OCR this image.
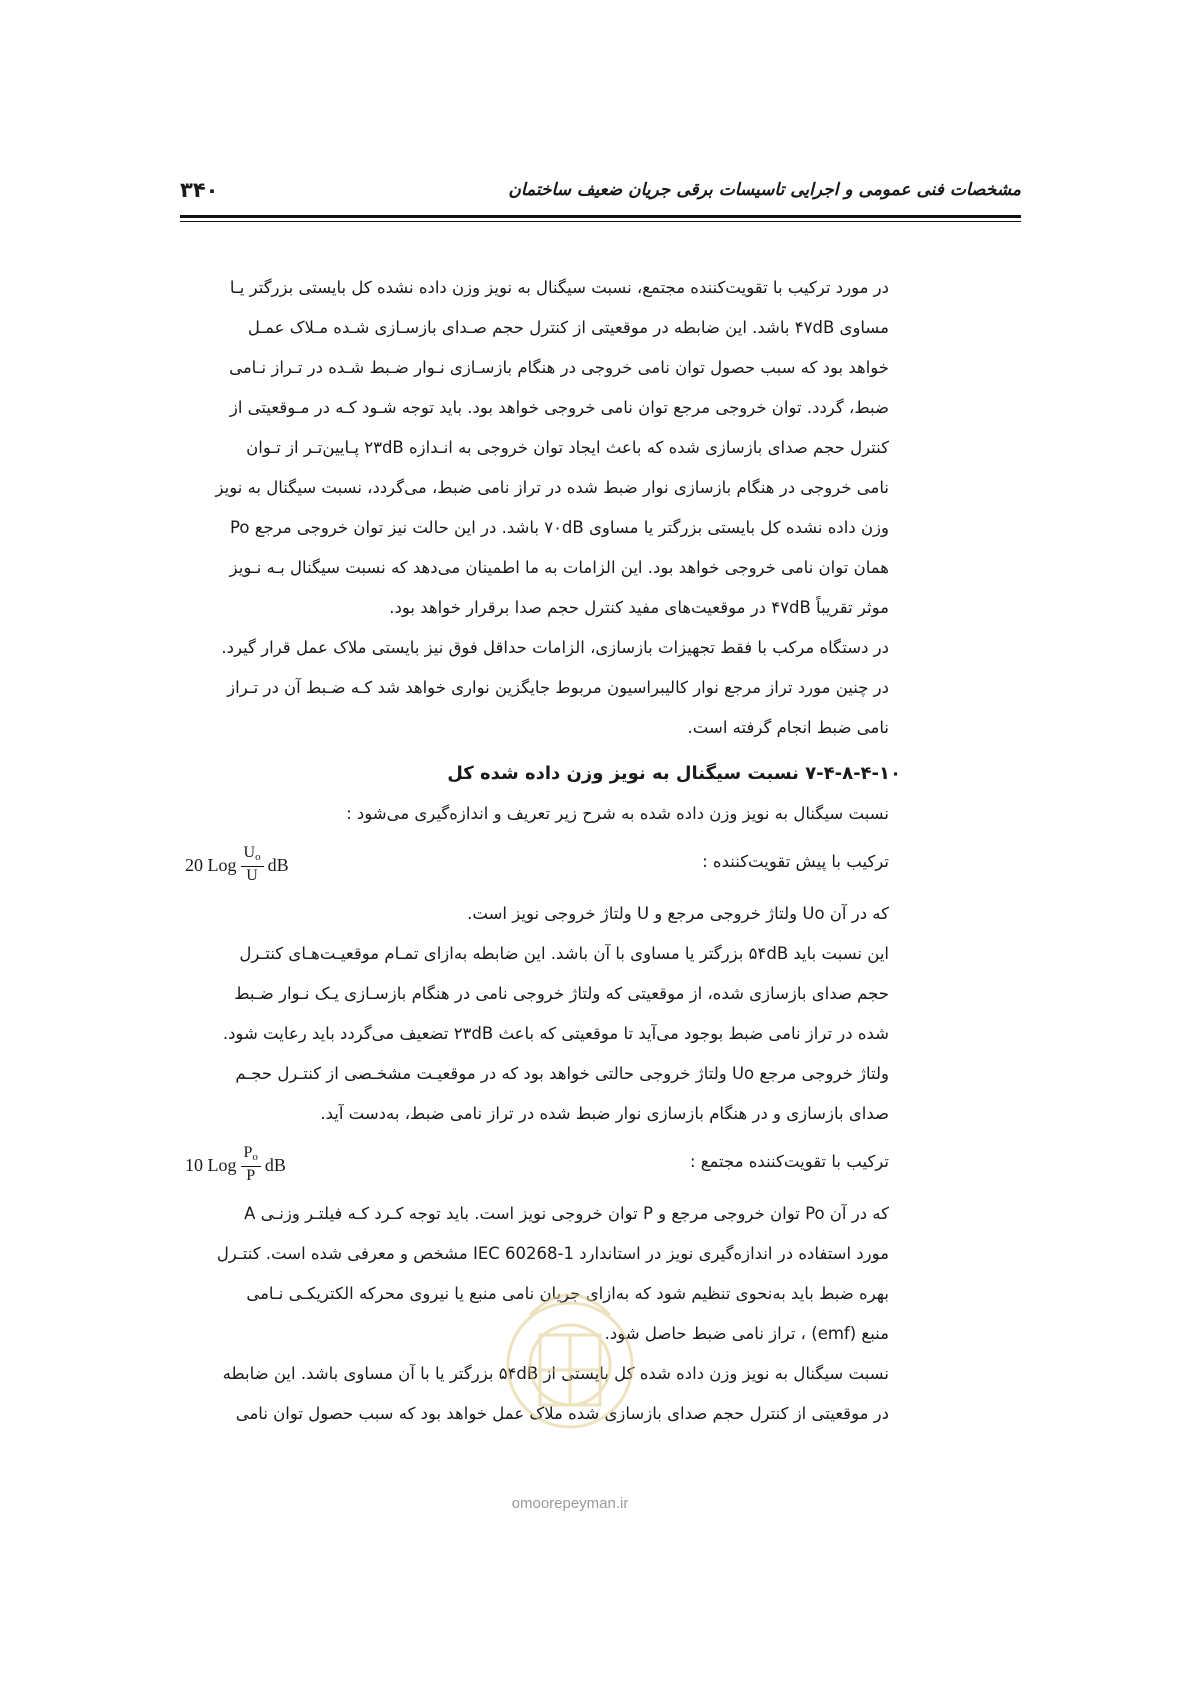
۳۴۰	مشخصات فنی عمومی و اجرایی تاسیسات برقی جریان ضعیف ساختمان

در مورد ترکیب با تقویت‌کننده مجتمع، نسبت سیگنال به نویز وزن داده نشده کل بایستی بزرگتر یـا

مساوی ۴۷dB باشد. این ضابطه در موقعیتی از کنترل حجم صـدای بازسـازی شـده مـلاک عمـل

خواهد بود که سبب حصول توان نامی خروجی در هنگام بازسـازی نـوار ضـبط شـده در تـراز نـامی

ضبط، گردد. توان خروجی مرجع توان نامی خروجی خواهد بود. باید توجه شـود کـه در مـوقعیتی از

کنترل حجم صدای بازسازی شده که باعث ایجاد توان خروجی به انـدازه ۲۳dB پـایین‌تـر از تـوان

نامی خروجی در هنگام بازسازی نوار ضبط شده در تراز نامی ضبط، می‌گردد، نسبت سیگنال به نویز

وزن داده نشده کل بایستی بزرگتر یا مساوی ۷۰dB باشد. در این حالت نیز توان خروجی مرجع Po

همان توان نامی خروجی خواهد بود. این الزامات به ما اطمینان می‌دهد که نسبت سیگنال بـه نـویز

موثر تقریباً ۴۷dB در موقعیت‌های مفید کنترل حجم صدا برقرار خواهد بود.

در دستگاه مرکب با فقط تجهیزات بازسازی، الزامات حداقل فوق نیز بایستی ملاک عمل قرار گیرد.

در چنین مورد تراز مرجع نوار کالیبراسیون مربوط جایگزین نواری خواهد شد کـه ضـبط آن در تـراز

نامی ضبط انجام گرفته است.

۷-۴-۸-۴-۱۰ نسبت سیگنال به نویز وزن داده شده کل

نسبت سیگنال به نویز وزن داده شده به شرح زیر تعریف و اندازه‌گیری می‌شود :

ترکیب با پیش تقویت‌کننده :
20 Log $\frac{U_o}{U}$ dB

که در آن Uo ولتاژ خروجی مرجع و U ولتاژ خروجی نویز است.

این نسبت باید ۵۴dB بزرگتر یا مساوی با آن باشد. این ضابطه به‌ازای تمـام موقعیـت‌هـای کنتـرل

حجم صدای بازسازی شده، از موقعیتی که ولتاژ خروجی نامی در هنگام بازسـازی یـک نـوار ضـبط

شده در تراز نامی ضبط بوجود می‌آید تا موقعیتی که باعث ۲۳dB تضعیف می‌گردد باید رعایت شود.

ولتاژ خروجی مرجع Uo ولتاژ خروجی حالتی خواهد بود که در موقعیـت مشخـصی از کنتـرل حجـم

صدای بازسازی و در هنگام بازسازی نوار ضبط شده در تراز نامی ضبط، به‌دست آید.

ترکیب با تقویت‌کننده مجتمع :
10 Log $\frac{P_o}{P}$ dB

که در آن Po توان خروجی مرجع و P توان خروجی نویز است. باید توجه کـرد کـه فیلتـر وزنـی A

مورد استفاده در اندازه‌گیری نویز در استاندارد IEC 60268-1 مشخص و معرفی شده است. کنتـرل

بهره ضبط باید به‌نحوی تنظیم شود که به‌ازای جریان نامی منبع یا نیروی محرکه الکتریکـی نـامی

منبع (emf) ، تراز نامی ضبط حاصل شود.

نسبت سیگنال به نویز وزن داده شده کل بایستی از ۵۴dB بزرگتر یا با آن مساوی باشد. این ضابطه

در موقعیتی از کنترل حجم صدای بازسازی شده ملاک عمل خواهد بود که سبب حصول توان نامی

omoorepeyman.ir
